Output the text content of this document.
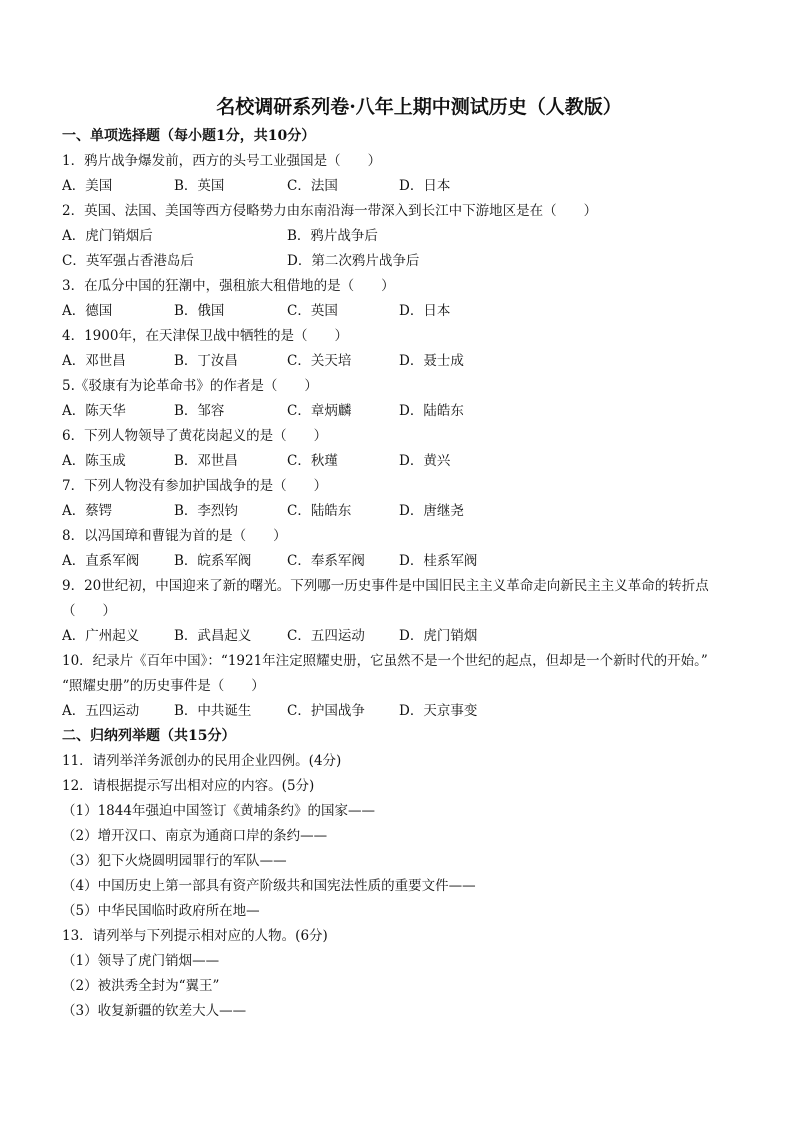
名校调研系列卷·八年上期中测试历史（人教版）
一、单项选择题（每小题1分，共10分）
1．鸦片战争爆发前，西方的头号工业强国是（　　）
A．美国	B．英国	C．法国	D．日本
2．英国、法国、美国等西方侵略势力由东南沿海一带深入到长江中下游地区是在（　　）
A．虎门销烟后	B．鸦片战争后
C．英军强占香港岛后	D．第二次鸦片战争后
3．在瓜分中国的狂潮中，强租旅大租借地的是（　　）
A．德国	B．俄国	C．英国	D．日本
4．1900年，在天津保卫战中牺牲的是（　　）
A．邓世昌	B．丁汝昌	C．关天培	D．聂士成
5.《驳康有为论革命书》的作者是（　　）
A．陈天华	B．邹容	C．章炳麟	D．陆皓东
6．下列人物领导了黄花岗起义的是（　　）
A．陈玉成	B．邓世昌	C．秋瑾	D．黄兴
7．下列人物没有参加护国战争的是（　　）
A．蔡锷	B．李烈钧	C．陆皓东	D．唐继尧
8．以冯国璋和曹锟为首的是（　　）
A．直系军阀	B．皖系军阀	C．奉系军阀	D．桂系军阀
9．20世纪初，中国迎来了新的曙光。下列哪一历史事件是中国旧民主主义革命走向新民主主义革命的转折点
（　　）
A．广州起义	B．武昌起义	C．五四运动	D．虎门销烟
10．纪录片《百年中国》：“1921年注定照耀史册，它虽然不是一个世纪的起点，但却是一个新时代的开始。”
“照耀史册”的历史事件是（　　）
A．五四运动	B．中共诞生	C．护国战争	D．天京事变
二、归纳列举题（共15分）
11．请列举洋务派创办的民用企业四例。(4分)
12．请根据提示写出相对应的内容。(5分)
（1）1844年强迫中国签订《黄埔条约》的国家——
（2）增开汉口、南京为通商口岸的条约——
（3）犯下火烧圆明园罪行的军队——
（4）中国历史上第一部具有资产阶级共和国宪法性质的重要文件——
（5）中华民国临时政府所在地—
13．请列举与下列提示相对应的人物。(6分)
（1）领导了虎门销烟——
（2）被洪秀全封为“翼王”
（3）收复新疆的钦差大人——
